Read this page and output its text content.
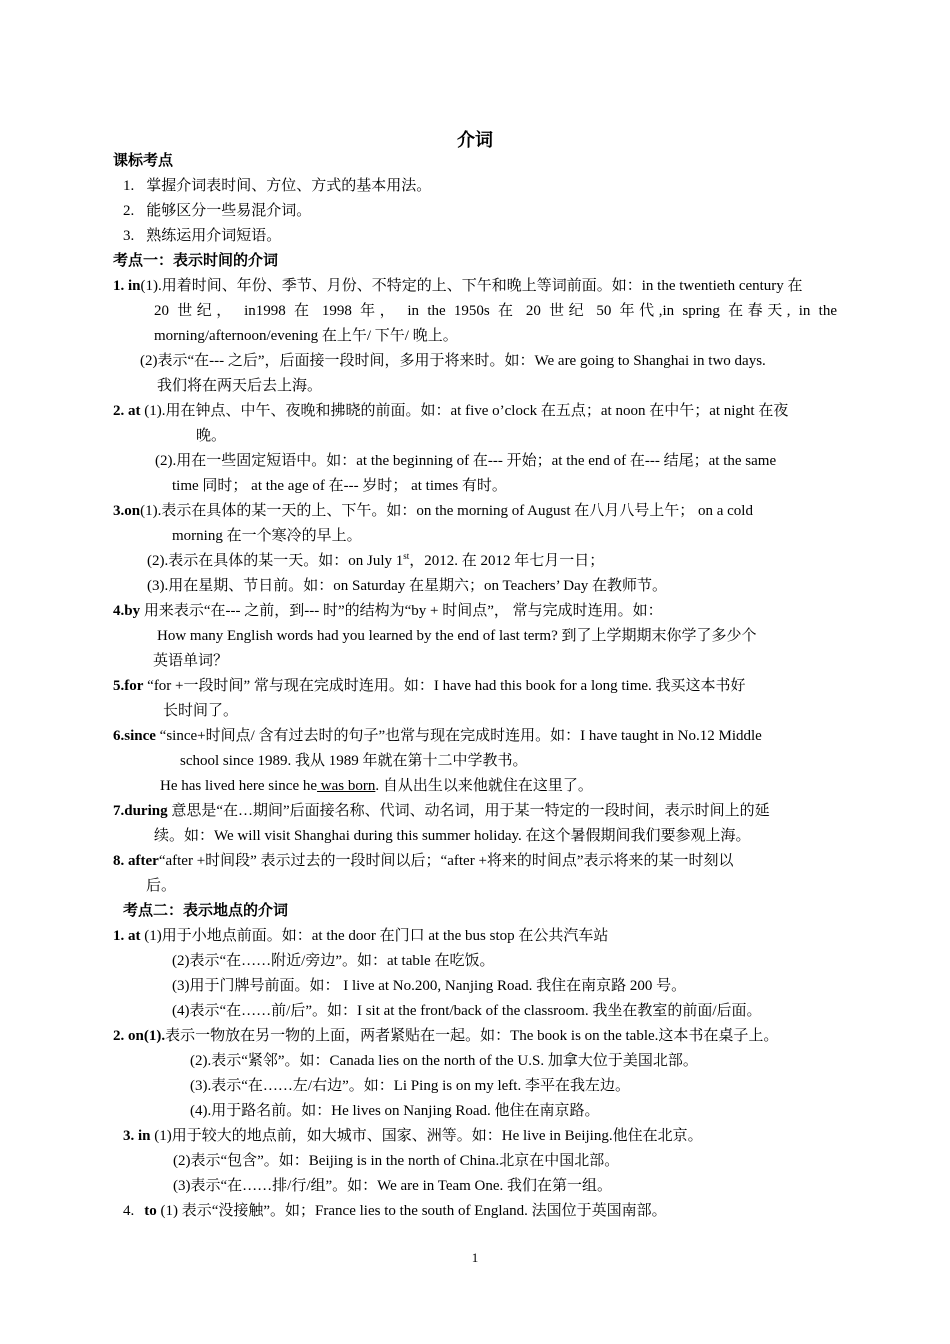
介词
课标考点
1. 掌握介词表时间、方位、方式的基本用法。
2. 能够区分一些易混介词。
3. 熟练运用介词短语。
考点一：表示时间的介词
1. in(1).用着时间、年份、季节、月份、不特定的上、下午和晚上等词前面。如：in the twentieth century 在
20 世纪， in1998 在 1998 年， in the 1950s 在 20 世纪 50 年代,in spring 在春天, in the
morning/afternoon/evening 在上午/ 下午/ 晚上。
(2)表示“在--- 之后”，后面接一段时间，多用于将来时。如：We are going to Shanghai in two days.
我们将在两天后去上海。
2. at (1).用在钟点、中午、夜晚和拂晓的前面。如：at five o’clock 在五点；at noon 在中午；at night 在夜
晚。
(2).用在一些固定短语中。如：at the beginning of 在--- 开始；at the end of 在--- 结尾；at the same
time 同时； at the age of 在--- 岁时； at times 有时。
3.on(1).表示在具体的某一天的上、下午。如：on the morning of August 在八月八号上午； on a cold
morning 在一个寒冷的早上。
(2).表示在具体的某一天。如：on July 1st，2012. 在 2012 年七月一日；
(3).用在星期、节日前。如：on Saturday 在星期六；on Teachers’ Day 在教师节。
4.by 用来表示“在--- 之前，到--- 时”的结构为“by + 时间点”， 常与完成时连用。如：
How many English words had you learned by the end of last term? 到了上学期期末你学了多少个
英语单词？
5.for “for +一段时间” 常与现在完成时连用。如：I have had this book for a long time. 我买这本书好
长时间了。
6.since “since+时间点/ 含有过去时的句子”也常与现在完成时连用。如：I have taught in No.12 Middle
school since 1989. 我从 1989 年就在第十二中学教书。
He has lived here since he was born. 自从出生以来他就住在这里了。
7.during 意思是“在…期间”后面接名称、代词、动名词，用于某一特定的一段时间，表示时间上的延
续。如：We will visit Shanghai during this summer holiday. 在这个暑假期间我们要参观上海。
8. after“after +时间段” 表示过去的一段时间以后；“after +将来的时间点”表示将来的某一时刻以
后。
考点二：表示地点的介词
1. at (1)用于小地点前面。如：at the door 在门口 at the bus stop 在公共汽车站
(2)表示“在……附近/旁边”。如：at table 在吃饭。
(3)用于门牌号前面。如： I live at No.200, Nanjing Road. 我住在南京路 200 号。
(4)表示“在……前/后”。如：I sit at the front/back of the classroom. 我坐在教室的前面/后面。
2. on(1).表示一物放在另一物的上面，两者紧贴在一起。如：The book is on the table.这本书在桌子上。
(2).表示“紧邻”。如：Canada lies on the north of the U.S. 加拿大位于美国北部。
(3).表示“在……左/右边”。如：Li Ping is on my left. 李平在我左边。
(4).用于路名前。如：He lives on Nanjing Road. 他住在南京路。
3. in (1)用于较大的地点前，如大城市、国家、洲等。如：He live in Beijing.他住在北京。
(2)表示“包含”。如：Beijing is in the north of China.北京在中国北部。
(3)表示“在……排/行/组”。如：We are in Team One. 我们在第一组。
4. to (1) 表示“没接触”。如；France lies to the south of England. 法国位于英国南部。
1
